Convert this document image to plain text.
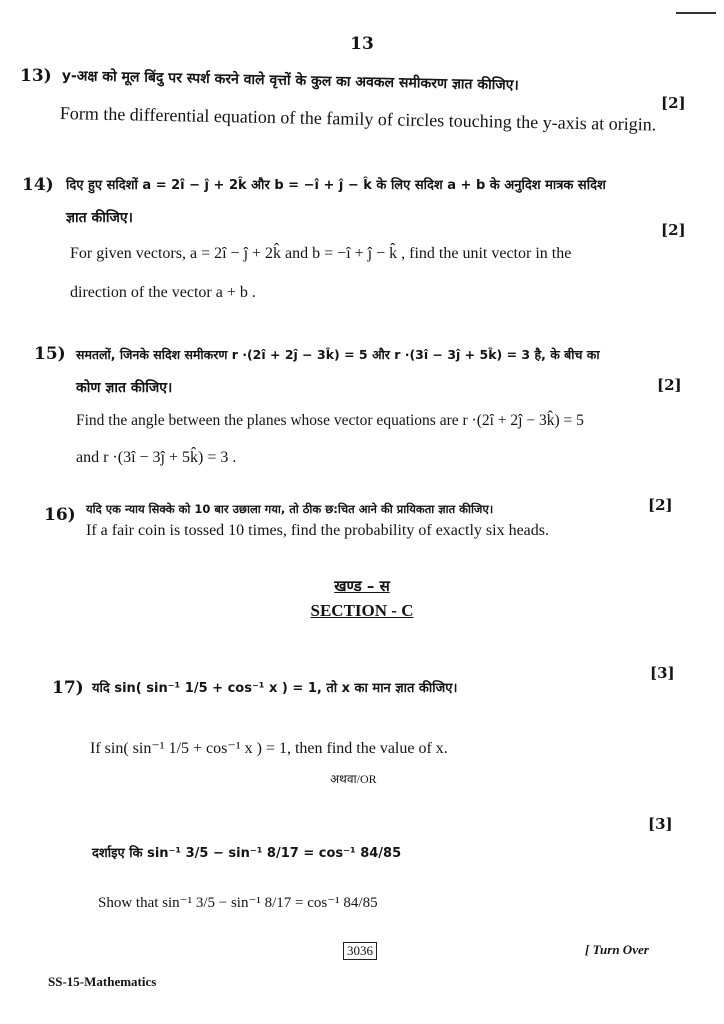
13
13) y-अक्ष को मूल बिंदु पर स्पर्श करने वाले वृत्तों के कुल का अवकल समीकरण ज्ञात कीजिए।
[2]
Form the differential equation of the family of circles touching the y-axis at origin.
14) दिए हुए सदिशों a = 2î − ĵ + 2k̂ और b = −î + ĵ − k̂ के लिए सदिश a + b के अनुदिश मात्रक सदिश
ज्ञात कीजिए।
[2]
For given vectors, a = 2î − ĵ + 2k̂ and b = −î + ĵ − k̂ , find the unit vector in the
direction of the vector a + b .
15) समतलों, जिनके सदिश समीकरण r ·(2î + 2ĵ − 3k̂) = 5 और r ·(3î − 3ĵ + 5k̂) = 3 है, के बीच का
कोण ज्ञात कीजिए।	[2]
Find the angle between the planes whose vector equations are r ·(2î + 2ĵ − 3k̂) = 5
and r ·(3î − 3ĵ + 5k̂) = 3 .
16) यदि एक न्याय सिक्के को 10 बार उछाला गया, तो ठीक छ:चित आने की प्रायिकता ज्ञात कीजिए।	[2]
If a fair coin is tossed 10 times, find the probability of exactly six heads.
खण्ड – स
SECTION - C
17) यदि sin( sin⁻¹ 1/5 + cos⁻¹ x ) = 1, तो x का मान ज्ञात कीजिए।
[3]
If sin( sin⁻¹ 1/5 + cos⁻¹ x ) = 1, then find the value of x.
अथवा/OR
दर्शाइए कि sin⁻¹ 3/5 − sin⁻¹ 8/17 = cos⁻¹ 84/85
[3]
Show that sin⁻¹ 3/5 − sin⁻¹ 8/17 = cos⁻¹ 84/85
3036	[ Turn Over
SS-15-Mathematics
